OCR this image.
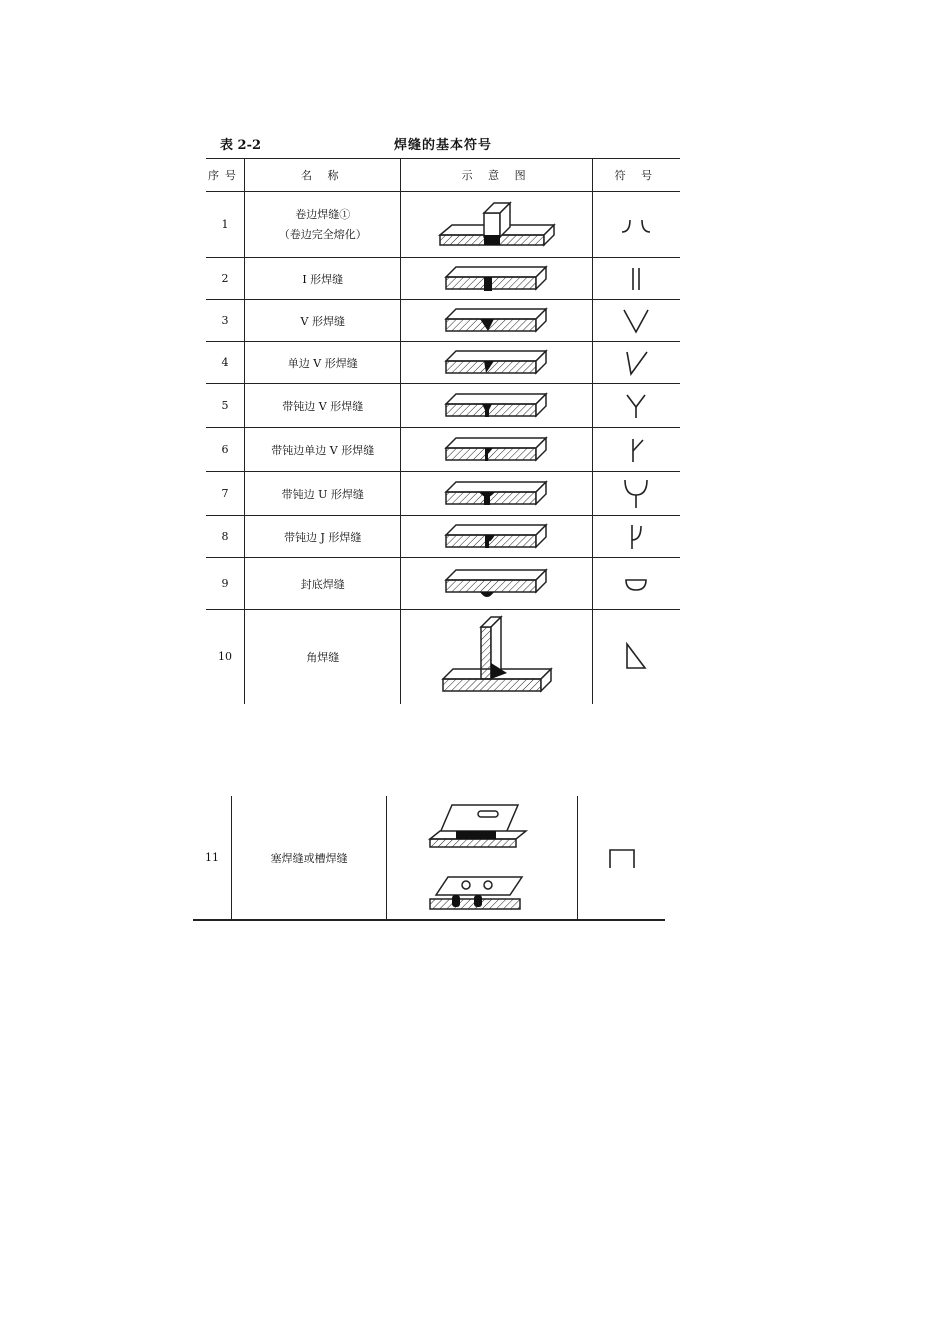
表 2-2	焊缝的基本符号
序号	名 称	示 意 图	符 号
1	卷边焊缝①
（卷边完全熔化）

2	I 形焊缝	

3	V 形焊缝	

4	单边 V 形焊缝	

5	带钝边 V 形焊缝	

6	带钝边单边 V 形焊缝	

7	带钝边 U 形焊缝	

8	带钝边 J 形焊缝	

9	封底焊缝	

10	角焊缝	

11	塞焊缝或槽焊缝	
